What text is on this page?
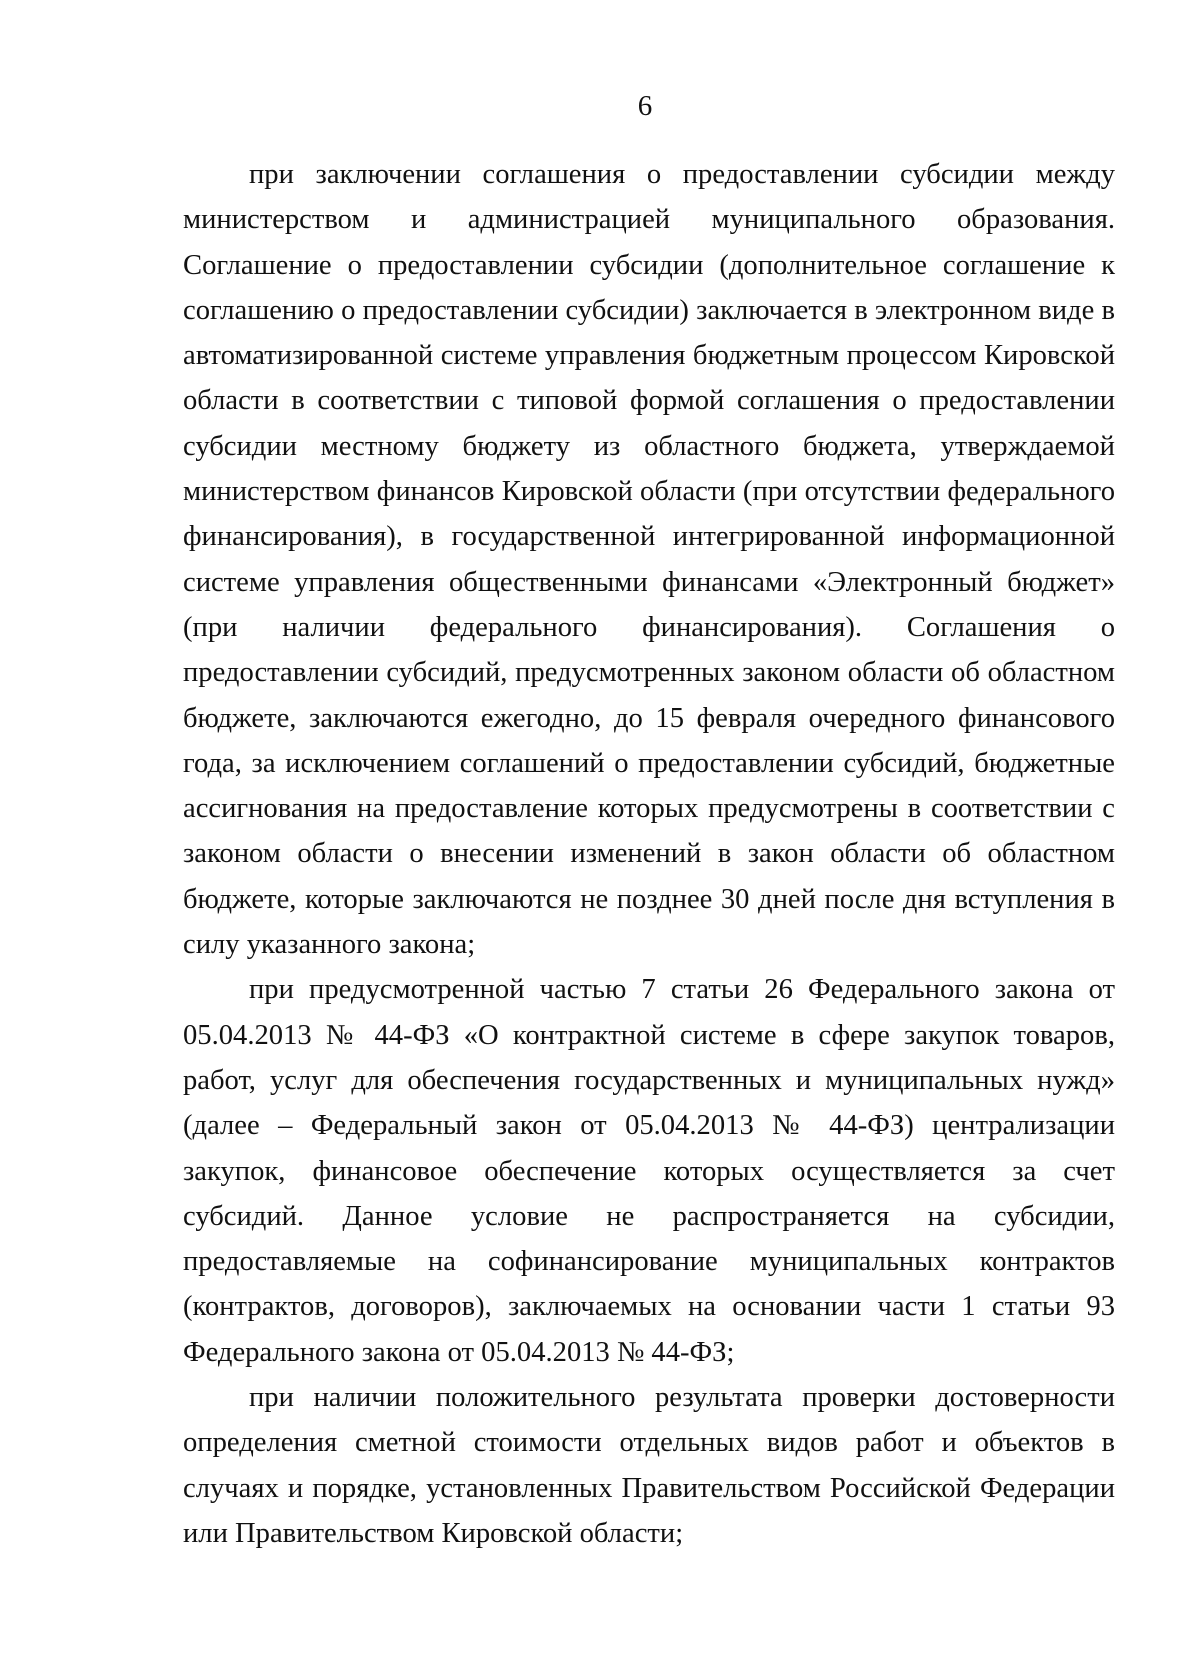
6

при заключении соглашения о предоставлении субсидии между министерством и администрацией муниципального образования. Соглашение о предоставлении субсидии (дополнительное соглашение к соглашению о предоставлении субсидии) заключается в электронном виде в автоматизированной системе управления бюджетным процессом Кировской области в соответствии с типовой формой соглашения о предоставлении субсидии местному бюджету из областного бюджета, утверждаемой министерством финансов Кировской области (при отсутствии федерального финансирования), в государственной интегрированной информационной системе управления общественными финансами «Электронный бюджет» (при наличии федерального финансирования). Соглашения о предоставлении субсидий, предусмотренных законом области об областном бюджете, заключаются ежегодно, до 15 февраля очередного финансового года, за исключением соглашений о предоставлении субсидий, бюджетные ассигнования на предоставление которых предусмотрены в соответствии с законом области о внесении изменений в закон области об областном бюджете, которые заключаются не позднее 30 дней после дня вступления в силу указанного закона;

при предусмотренной частью 7 статьи 26 Федерального закона от 05.04.2013 № 44-ФЗ «О контрактной системе в сфере закупок товаров, работ, услуг для обеспечения государственных и муниципальных нужд» (далее – Федеральный закон от 05.04.2013 № 44-ФЗ) централизации закупок, финансовое обеспечение которых осуществляется за счет субсидий. Данное условие не распространяется на субсидии, предоставляемые на софинансирование муниципальных контрактов (контрактов, договоров), заключаемых на основании части 1 статьи 93 Федерального закона от 05.04.2013 № 44-ФЗ;

при наличии положительного результата проверки достоверности определения сметной стоимости отдельных видов работ и объектов в случаях и порядке, установленных Правительством Российской Федерации или Правительством Кировской области;
